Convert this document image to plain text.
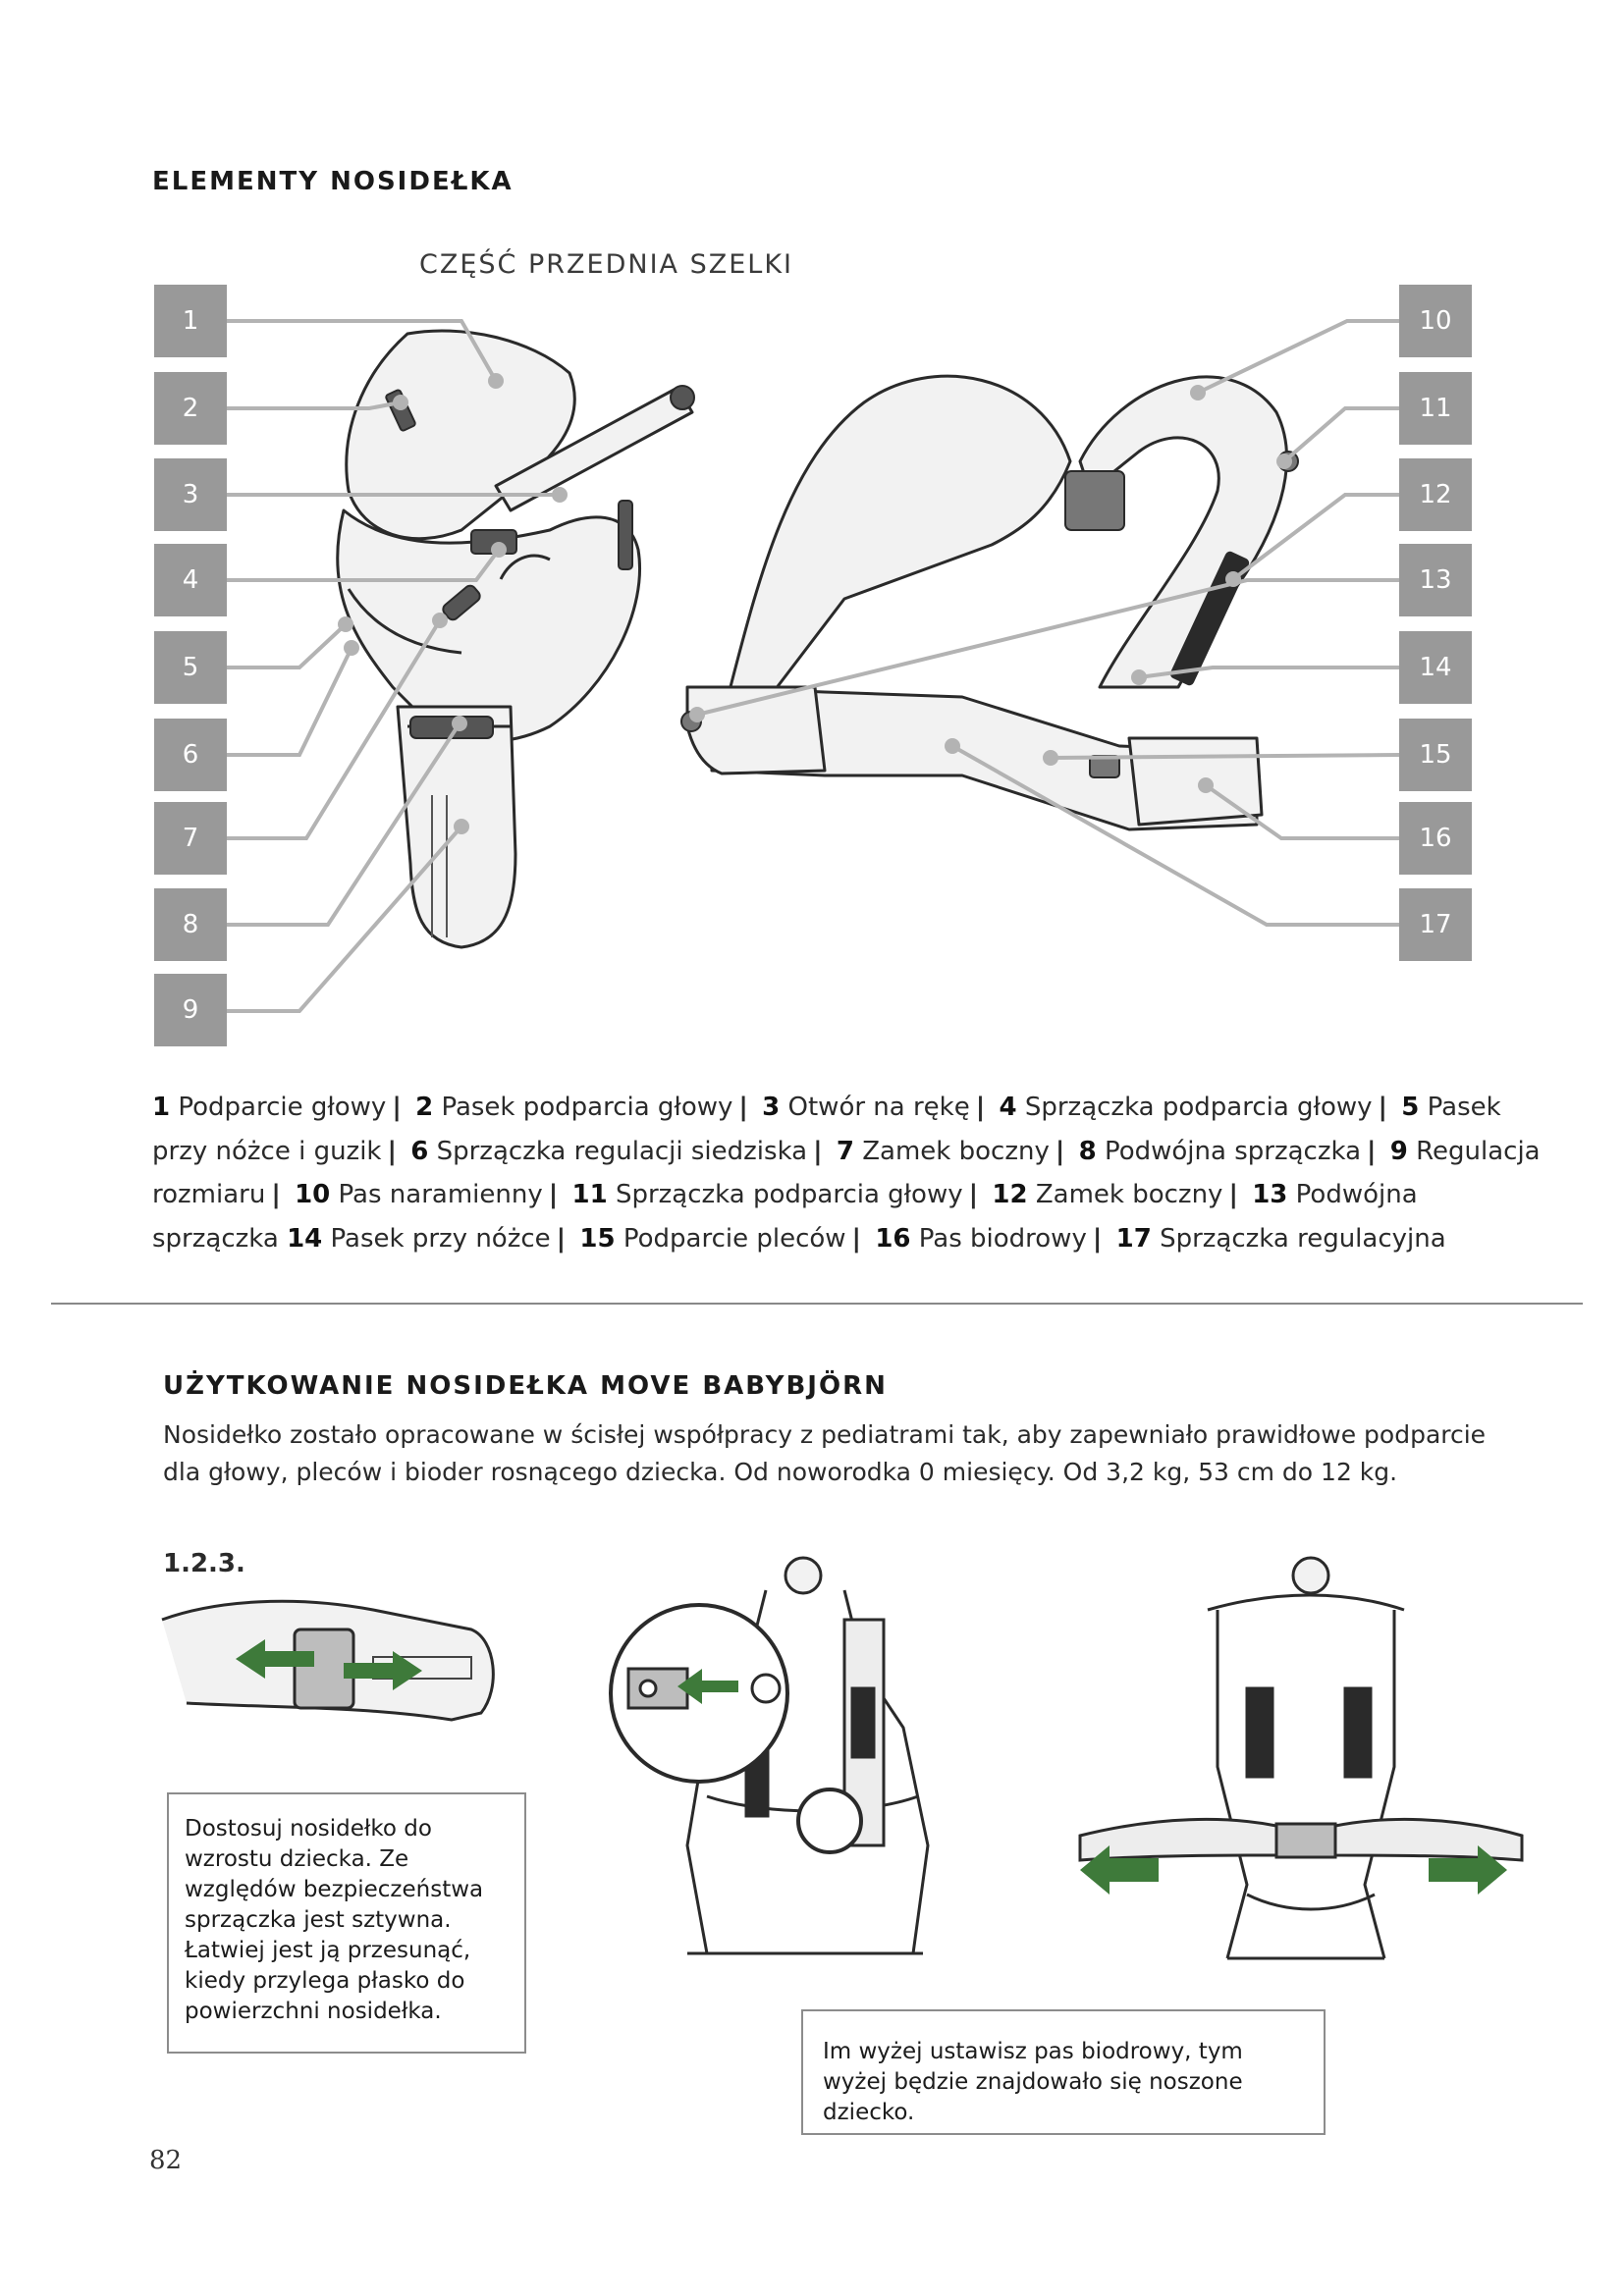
ELEMENTY NOSIDEŁKA
CZĘŚĆ PRZEDNIA SZELKI
1
2
3
4
5
6
7
8
9
10
11
12
13
14
15
16
17
1 Podparcie głowy | 2 Pasek podparcia głowy | 3 Otwór na rękę | 4 Sprzączka podparcia głowy | 5 Pasek przy nóżce i guzik | 6 Sprzączka regulacji siedziska | 7 Zamek boczny | 8 Podwójna sprzączka | 9 Regulacja rozmiaru | 10 Pas naramienny | 11 Sprzączka podparcia głowy | 12 Zamek boczny | 13 Podwójna sprzączka 14 Pasek przy nóżce | 15 Podparcie pleców | 16 Pas biodrowy | 17 Sprzączka regulacyjna
UŻYTKOWANIE NOSIDEŁKA MOVE BABYBJÖRN
Nosidełko zostało opracowane w ścisłej współpracy z pediatrami tak, aby zapewniało prawidłowe podparcie dla głowy, pleców i bioder rosnącego dziecka. Od noworodka 0 miesięcy. Od 3,2 kg, 53 cm do 12 kg.
1.2.3.
Dostosuj nosidełko do wzrostu dziecka. Ze względów bezpieczeństwa sprzączka jest sztywna. Łatwiej jest ją przesunąć, kiedy przylega płasko do powierzchni nosidełka.
Im wyżej ustawisz pas biodrowy, tym wyżej będzie znajdowało się noszone dziecko.
82
